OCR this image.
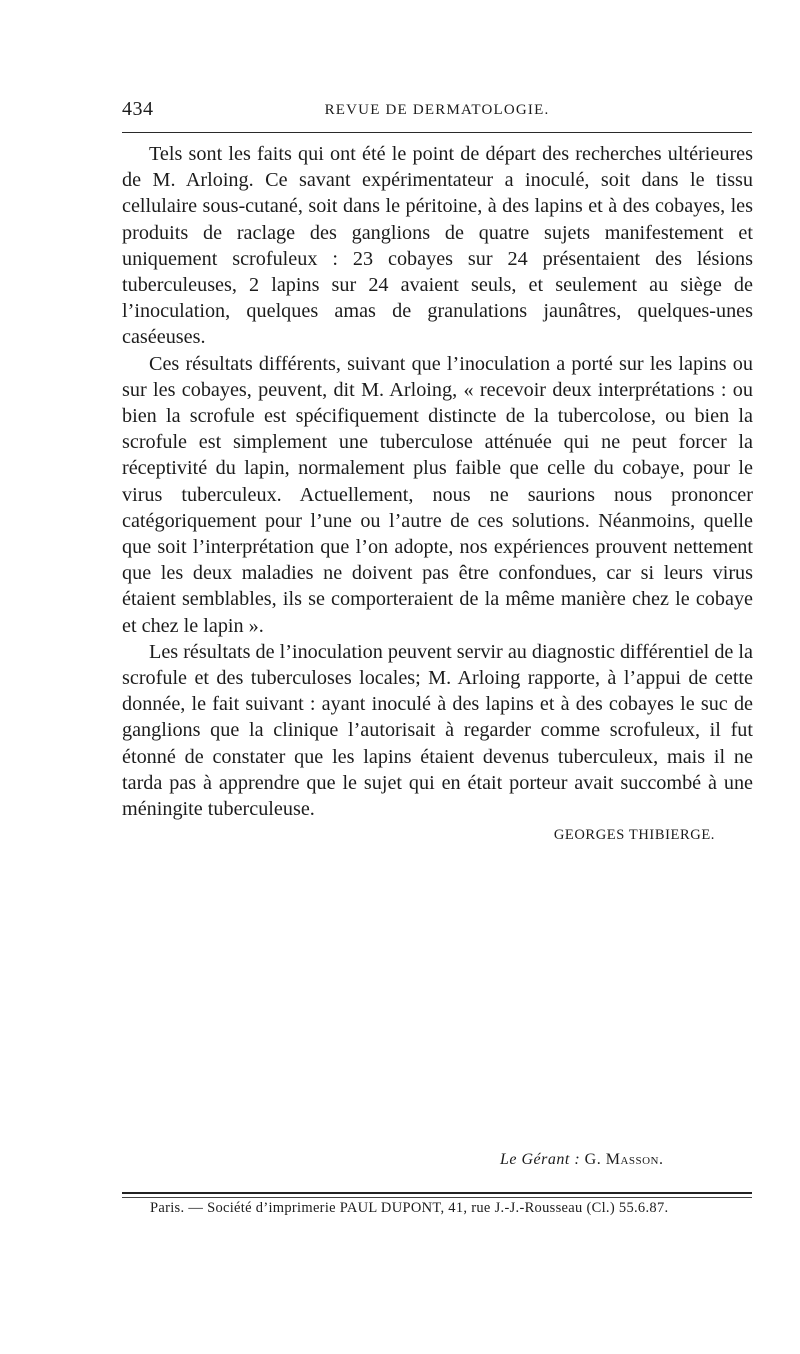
434	REVUE DE DERMATOLOGIE.

Tels sont les faits qui ont été le point de départ des recherches ultérieures de M. Arloing. Ce savant expérimentateur a inoculé, soit dans le tissu cellulaire sous-cutané, soit dans le péritoine, à des lapins et à des cobayes, les produits de raclage des ganglions de quatre sujets manifestement et uniquement scrofuleux : 23 cobayes sur 24 présentaient des lésions tuberculeuses, 2 lapins sur 24 avaient seuls, et seulement au siège de l’inoculation, quelques amas de granulations jaunâtres, quelques-unes caséeuses.

Ces résultats différents, suivant que l’inoculation a porté sur les lapins ou sur les cobayes, peuvent, dit M. Arloing, « recevoir deux interprétations : ou bien la scrofule est spécifiquement distincte de la tubercolose, ou bien la scrofule est simplement une tuberculose atténuée qui ne peut forcer la réceptivité du lapin, normalement plus faible que celle du cobaye, pour le virus tuberculeux. Actuellement, nous ne saurions nous prononcer catégoriquement pour l’une ou l’autre de ces solutions. Néanmoins, quelle que soit l’interprétation que l’on adopte, nos expériences prouvent nettement que les deux maladies ne doivent pas être confondues, car si leurs virus étaient semblables, ils se comporteraient de la même manière chez le cobaye et chez le lapin ».

Les résultats de l’inoculation peuvent servir au diagnostic différentiel de la scrofule et des tuberculoses locales; M. Arloing rapporte, à l’appui de cette donnée, le fait suivant : ayant inoculé à des lapins et à des cobayes le suc de ganglions que la clinique l’autorisait à regarder comme scrofuleux, il fut étonné de constater que les lapins étaient devenus tuberculeux, mais il ne tarda pas à apprendre que le sujet qui en était porteur avait succombé à une méningite tuberculeuse.

GEORGES THIBIERGE.

Le Gérant : G. Masson.
Paris. — Société d’imprimerie PAUL DUPONT, 41, rue J.-J.-Rousseau (Cl.) 55.6.87.
